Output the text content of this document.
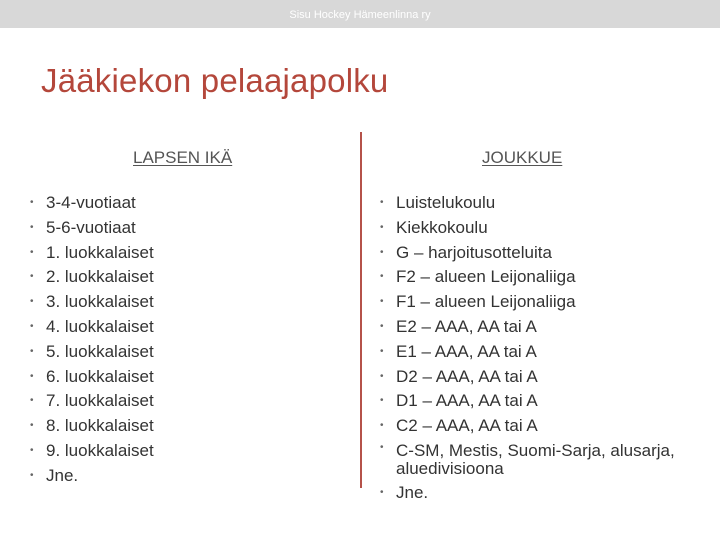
Sisu Hockey Hämeenlinna ry
Jääkiekon pelaajapolku
LAPSEN IKÄ	JOUKKUE
• 3-4-vuotiaat
• 5-6-vuotiaat
• 1. luokkalaiset
• 2. luokkalaiset
• 3. luokkalaiset
• 4. luokkalaiset
• 5. luokkalaiset
• 6. luokkalaiset
• 7. luokkalaiset
• 8. luokkalaiset
• 9. luokkalaiset
• Jne.
• Luistelukoulu
• Kiekkokoulu
• G – harjoitusotteluita
• F2 – alueen Leijonaliiga
• F1 – alueen Leijonaliiga
• E2 – AAA, AA tai A
• E1 – AAA, AA tai A
• D2 – AAA, AA tai A
• D1 – AAA, AA tai A
• C2 – AAA, AA tai A
• C-SM, Mestis, Suomi-Sarja, alusarja, aluedivisioona
• Jne.
